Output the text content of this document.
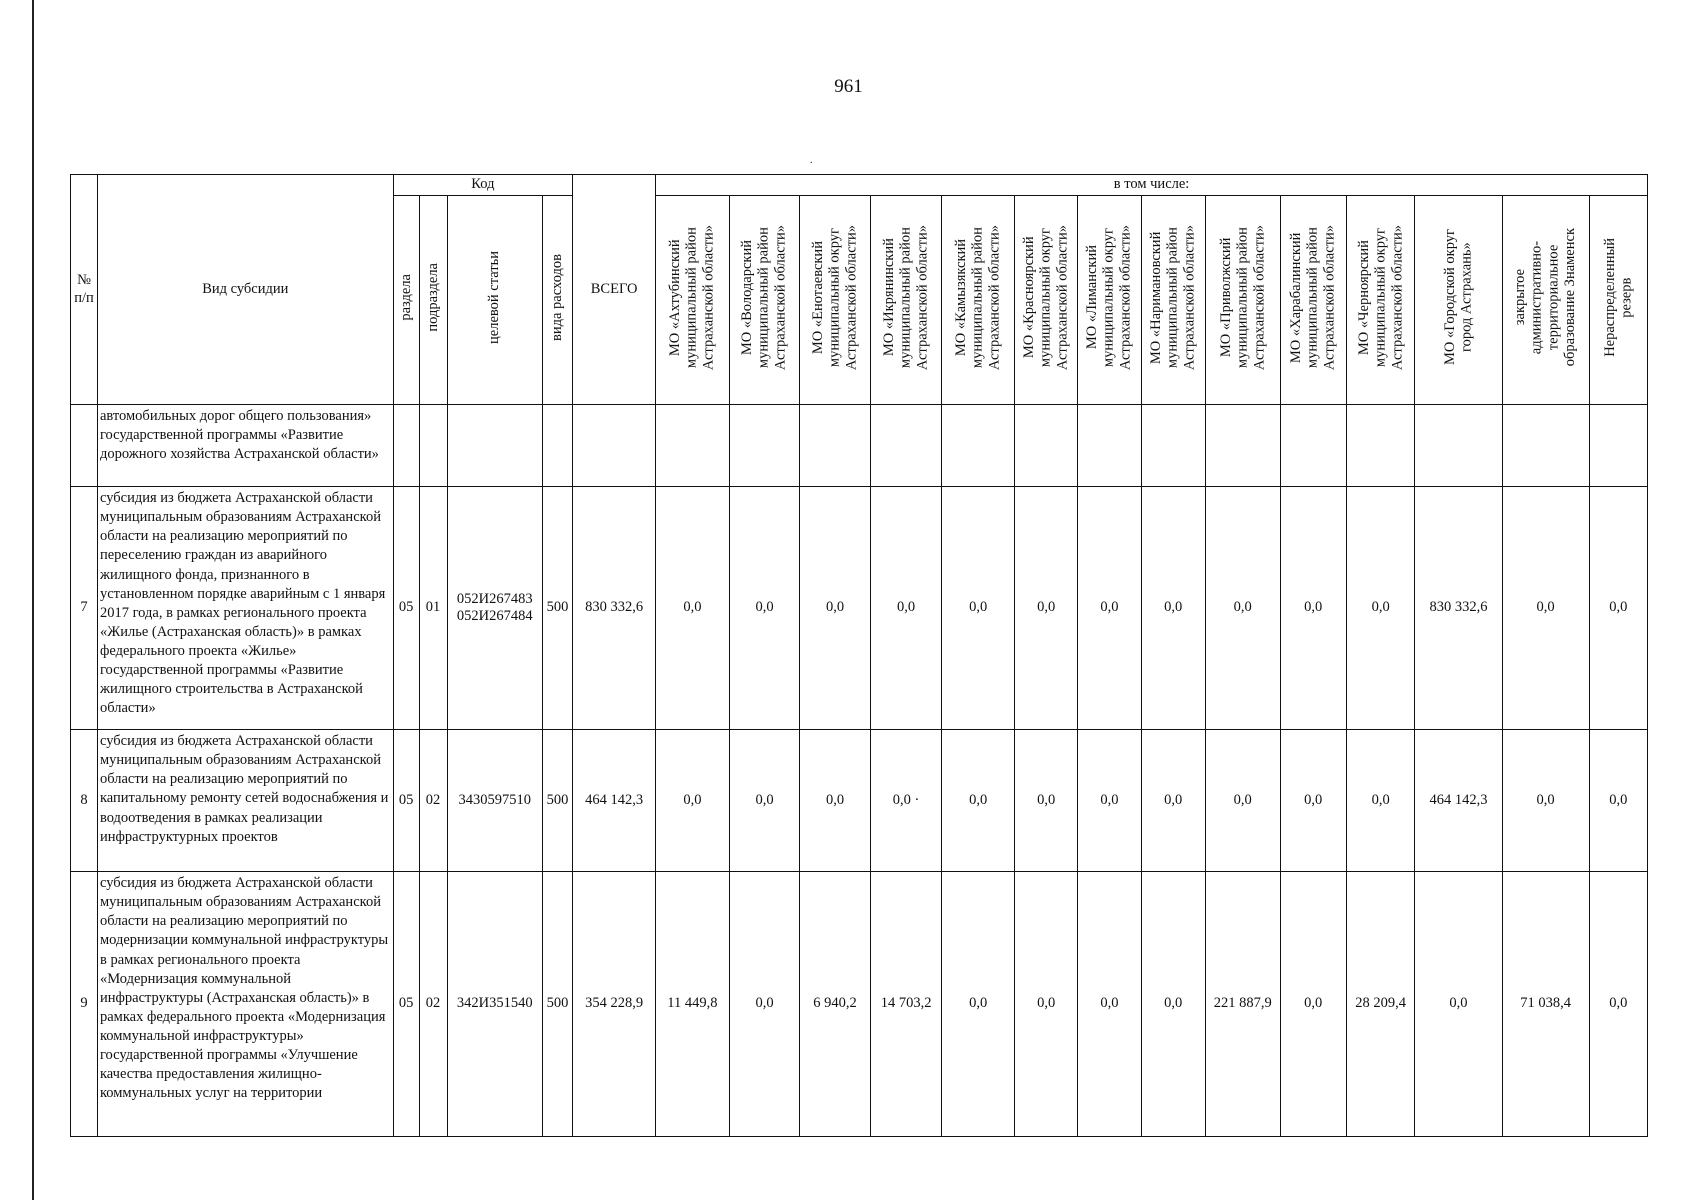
961
.
№ п/п	Вид субсидии	Код				ВСЕГО	в том числе:													
		раздела	подраздела	целевой статьи	вида расходов		МО «Ахтубинский
муниципальный район
Астраханской области»	МО «Володарский
муниципальный район
Астраханской области»	МО «Енотаевский
муниципальный округ
Астраханской области»	МО «Икрянинский
муниципальный район
Астраханской области»	МО «Камызякский
муниципальный район
Астраханской области»	МО «Красноярский
муниципальный округ
Астраханской области»	МО «Лиманский
муниципальный округ
Астраханской области»	МО «Наримановский
муниципальный район
Астраханской области»	МО «Приволжский
муниципальный район
Астраханской области»	МО «Харабалинский
муниципальный район
Астраханской области»	МО «Черноярский
муниципальный округ
Астраханской области»	МО «Городской округ
город Астрахань»	закрытое
административно-
территориальное
образование Знаменск	Нераспределенный
резерв
	автомобильных дорог общего пользования» государственной программы «Развитие дорожного хозяйства Астраханской области»																			
7	субсидия из бюджета Астраханской области муниципальным образованиям Астраханской области на реализацию мероприятий по переселению граждан из аварийного жилищного фонда, признанного в установленном порядке аварийным с 1 января 2017 года, в рамках регионального проекта «Жилье (Астраханская область)» в рамках федерального проекта «Жилье» государственной программы «Развитие жилищного строительства в Астраханской области»	05	01	052И267483
052И267484	500	830 332,6	0,0	0,0	0,0	0,0	0,0	0,0	0,0	0,0	0,0	0,0	0,0	830 332,6	0,0	0,0
8	субсидия из бюджета Астраханской области муниципальным образованиям Астраханской области на реализацию мероприятий по капитальному ремонту сетей водоснабжения и водоотведения в рамках реализации инфраструктурных проектов	05	02	3430597510	500	464 142,3	0,0	0,0	0,0	0,0 ·	0,0	0,0	0,0	0,0	0,0	0,0	0,0	464 142,3	0,0	0,0
9	субсидия из бюджета Астраханской области муниципальным образованиям Астраханской области на реализацию мероприятий по модернизации коммунальной инфраструктуры в рамках регионального проекта «Модернизация коммунальной инфраструктуры (Астраханская область)» в рамках федерального проекта «Модернизация коммунальной инфраструктуры» государственной программы «Улучшение качества предоставления жилищно-коммунальных услуг на территории	05	02	342И351540	500	354 228,9	11 449,8	0,0	6 940,2	14 703,2	0,0	0,0	0,0	0,0	221 887,9	0,0	28 209,4	0,0	71 038,4	0,0
